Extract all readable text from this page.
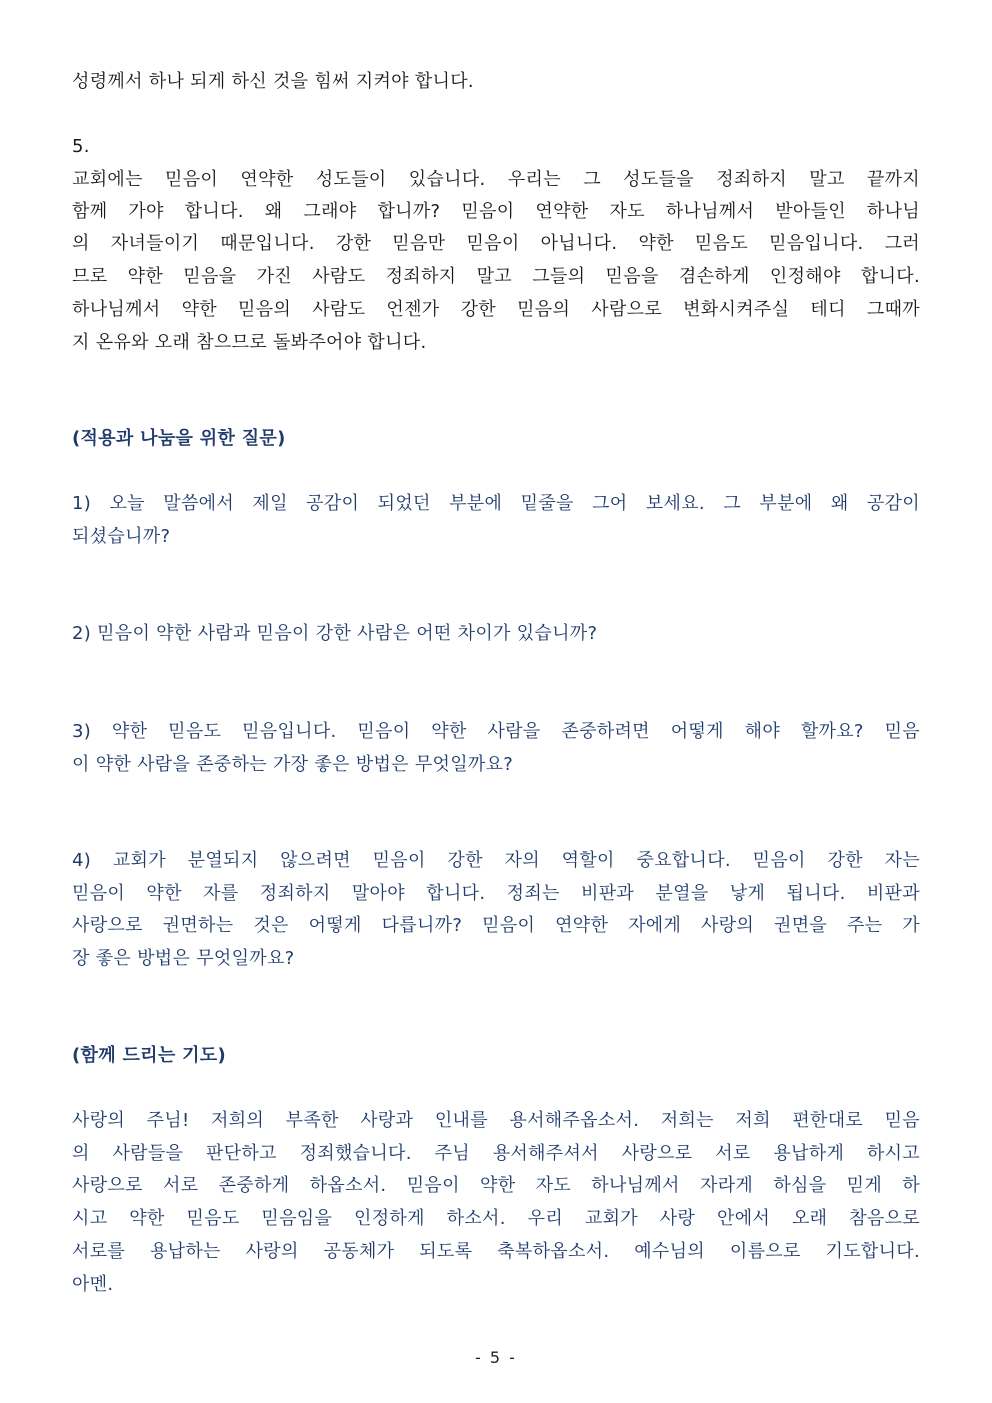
성령께서 하나 되게 하신 것을 힘써 지켜야 합니다.
5.
교회에는 믿음이 연약한 성도들이 있습니다. 우리는 그 성도들을 정죄하지 말고 끝까지
함께 가야 합니다. 왜 그래야 합니까? 믿음이 연약한 자도 하나님께서 받아들인 하나님
의 자녀들이기 때문입니다. 강한 믿음만 믿음이 아닙니다. 약한 믿음도 믿음입니다. 그러
므로 약한 믿음을 가진 사람도 정죄하지 말고 그들의 믿음을 겸손하게 인정해야 합니다.
하나님께서 약한 믿음의 사람도 언젠가 강한 믿음의 사람으로 변화시켜주실 테디 그때까
지 온유와 오래 참으므로 돌봐주어야 합니다.
(적용과 나눔을 위한 질문)
1) 오늘 말씀에서 제일 공감이 되었던 부분에 밑줄을 그어 보세요. 그 부분에 왜 공감이
되셨습니까?
2) 믿음이 약한 사람과 믿음이 강한 사람은 어떤 차이가 있습니까?
3) 약한 믿음도 믿음입니다. 믿음이 약한 사람을 존중하려면 어떻게 해야 할까요? 믿음
이 약한 사람을 존중하는 가장 좋은 방법은 무엇일까요?
4) 교회가 분열되지 않으려면 믿음이 강한 자의 역할이 중요합니다. 믿음이 강한 자는
믿음이 약한 자를 정죄하지 말아야 합니다. 정죄는 비판과 분열을 낳게 됩니다. 비판과
사랑으로 권면하는 것은 어떻게 다릅니까? 믿음이 연약한 자에게 사랑의 권면을 주는 가
장 좋은 방법은 무엇일까요?
(함께 드리는 기도)
사랑의 주님! 저희의 부족한 사랑과 인내를 용서해주옵소서. 저희는 저희 편한대로 믿음
의 사람들을 판단하고 정죄했습니다. 주님 용서해주셔서 사랑으로 서로 용납하게 하시고
사랑으로 서로 존중하게 하옵소서. 믿음이 약한 자도 하나님께서 자라게 하심을 믿게 하
시고 약한 믿음도 믿음임을 인정하게 하소서. 우리 교회가 사랑 안에서 오래 참음으로
서로를 용납하는 사랑의 공동체가 되도록 축복하옵소서. 예수님의 이름으로 기도합니다.
아멘.
- 5 -
